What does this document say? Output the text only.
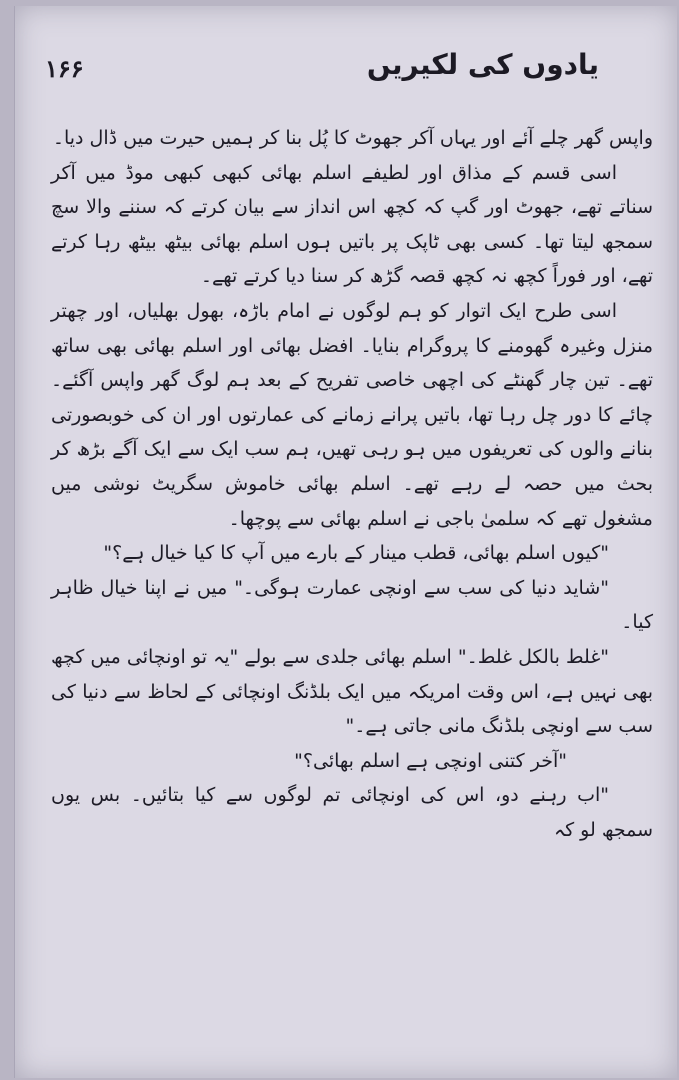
۱۶۶	یادوں کی لکیریں

واپس گھر چلے آئے اور یہاں آکر جھوٹ کا پُل بنا کر ہمیں حیرت میں ڈال دیا۔

اسی قسم کے مذاق اور لطیفے اسلم بھائی کبھی کبھی موڈ میں آکر سناتے تھے، جھوٹ اور گپ کہ کچھ اس انداز سے بیان کرتے کہ سننے والا سچ سمجھ لیتا تھا۔ کسی بھی ٹاپک پر باتیں ہوں اسلم بھائی بیٹھ بیٹھ رہا کرتے تھے، اور فوراً کچھ نہ کچھ قصہ گڑھ کر سنا دیا کرتے تھے۔

اسی طرح ایک اتوار کو ہم لوگوں نے امام باڑہ، بھول بھلیاں، اور چھتر منزل وغیرہ گھومنے کا پروگرام بنایا۔ افضل بھائی اور اسلم بھائی بھی ساتھ تھے۔ تین چار گھنٹے کی اچھی خاصی تفریح کے بعد ہم لوگ گھر واپس آگئے۔ چائے کا دور چل رہا تھا، باتیں پرانے زمانے کی عمارتوں اور ان کی خوبصورتی بنانے والوں کی تعریفوں میں ہو رہی تھیں، ہم سب ایک سے ایک آگے بڑھ کر بحث میں حصہ لے رہے تھے۔ اسلم بھائی خاموش سگریٹ نوشی میں مشغول تھے کہ سلمیٰ باجی نے اسلم بھائی سے پوچھا۔

"کیوں اسلم بھائی، قطب مینار کے بارے میں آپ کا کیا خیال ہے؟"

"شاید دنیا کی سب سے اونچی عمارت ہوگی۔" میں نے اپنا خیال ظاہر کیا۔

"غلط بالکل غلط۔" اسلم بھائی جلدی سے بولے "یہ تو اونچائی میں کچھ بھی نہیں ہے، اس وقت امریکہ میں ایک بلڈنگ اونچائی کے لحاظ سے دنیا کی سب سے اونچی بلڈنگ مانی جاتی ہے۔"

"آخر کتنی اونچی ہے اسلم بھائی؟"

"اب رہنے دو، اس کی اونچائی تم لوگوں سے کیا بتائیں۔ بس یوں سمجھ لو کہ
